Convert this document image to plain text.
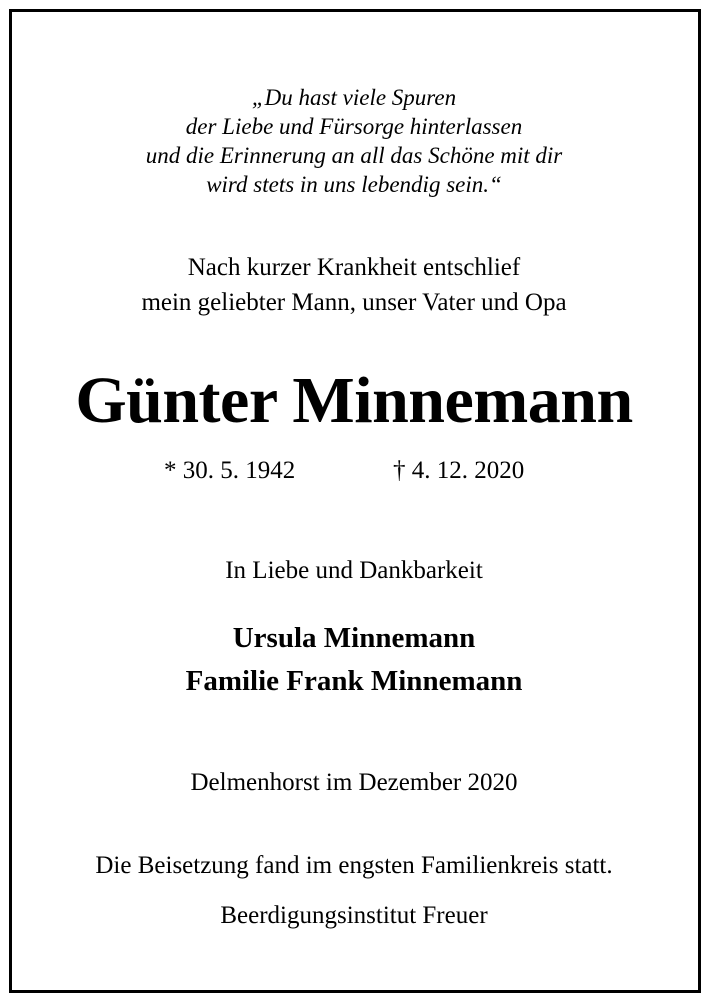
„Du hast viele Spuren
der Liebe und Fürsorge hinterlassen
und die Erinnerung an all das Schöne mit dir
wird stets in uns lebendig sein.“
Nach kurzer Krankheit entschlief
mein geliebter Mann, unser Vater und Opa
Günter Minnemann
* 30. 5. 1942	† 4. 12. 2020
In Liebe und Dankbarkeit
Ursula Minnemann
Familie Frank Minnemann
Delmenhorst im Dezember 2020
Die Beisetzung fand im engsten Familienkreis statt.
Beerdigungsinstitut Freuer
